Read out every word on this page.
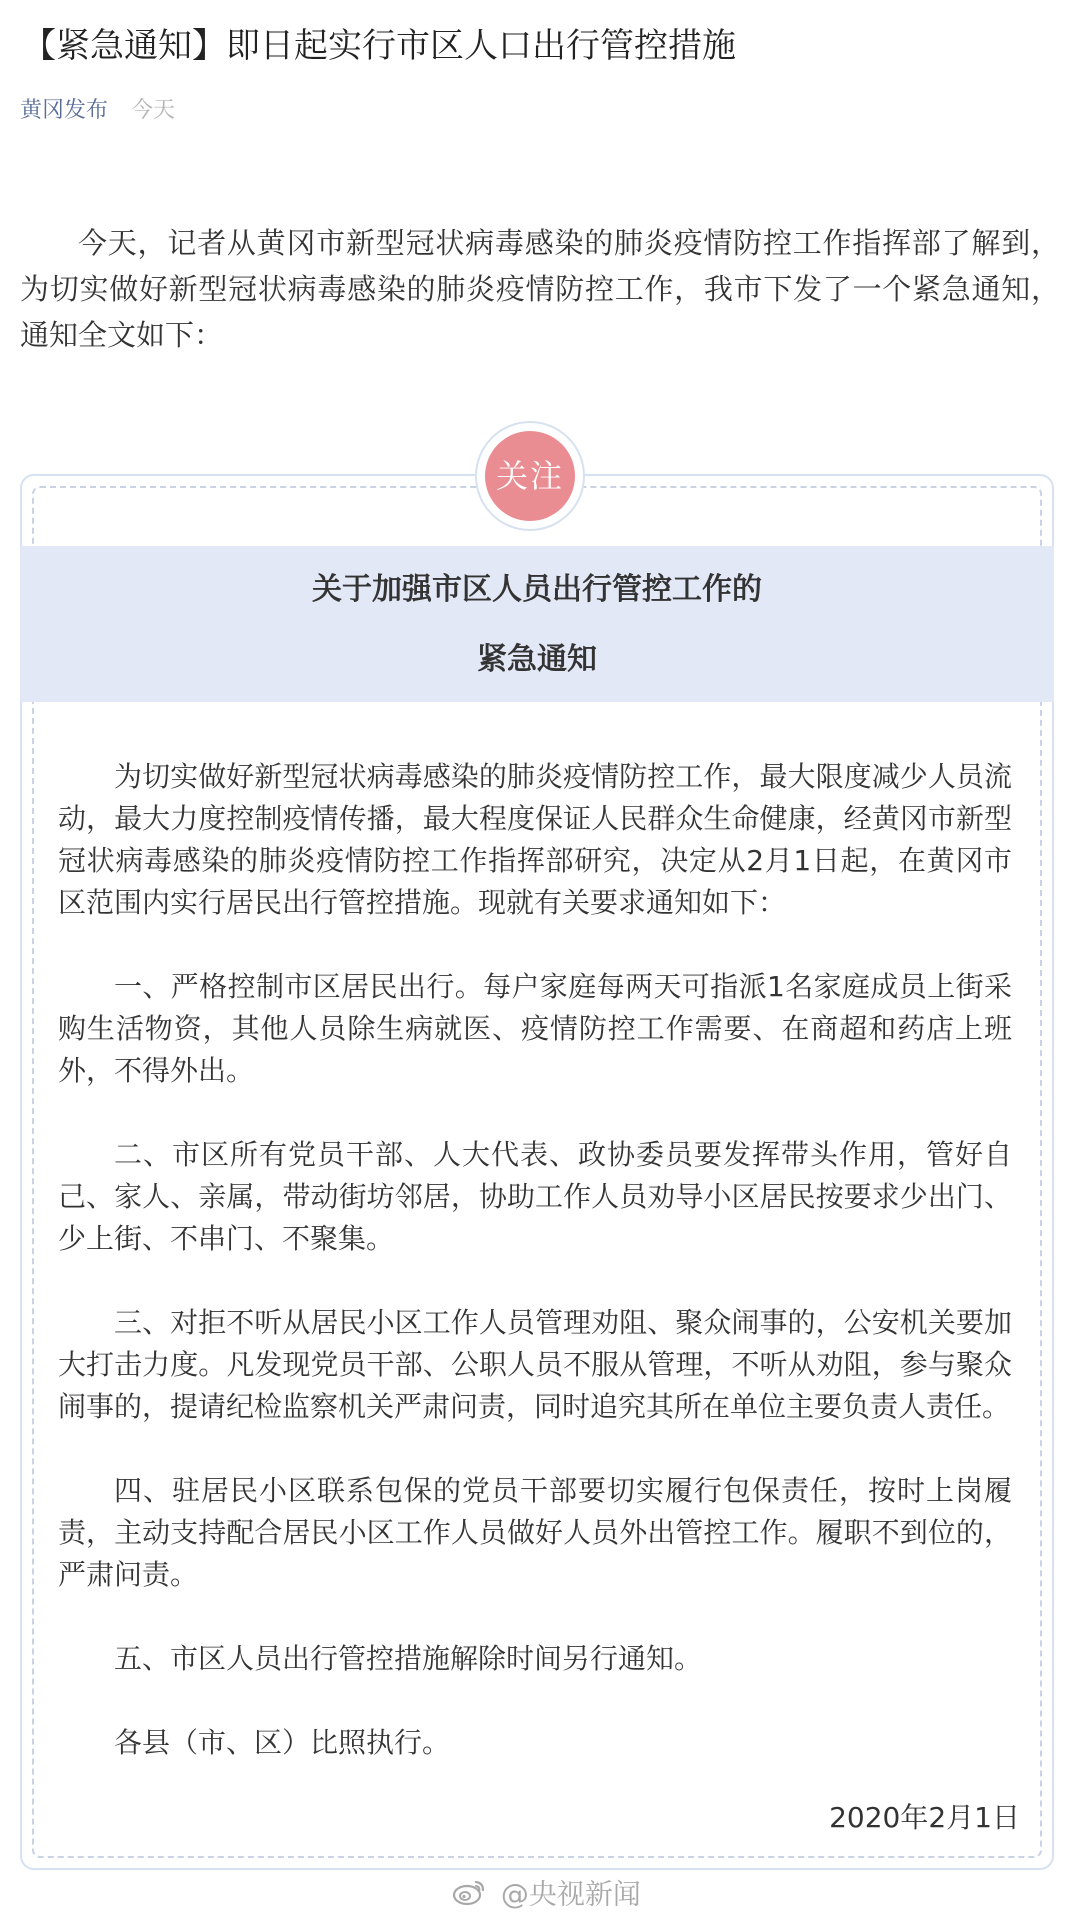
【紧急通知】即日起实行市区人口出行管控措施
黄冈发布 今天
今天，记者从黄冈市新型冠状病毒感染的肺炎疫情防控工作指挥部了解到，为切实做好新型冠状病毒感染的肺炎疫情防控工作，我市下发了一个紧急通知，通知全文如下：
关注
关于加强市区人员出行管控工作的
紧急通知

为切实做好新型冠状病毒感染的肺炎疫情防控工作，最大限度减少人员流动，最大力度控制疫情传播，最大程度保证人民群众生命健康，经黄冈市新型冠状病毒感染的肺炎疫情防控工作指挥部研究，决定从2月1日起，在黄冈市区范围内实行居民出行管控措施。现就有关要求通知如下：

一、严格控制市区居民出行。每户家庭每两天可指派1名家庭成员上街采购生活物资，其他人员除生病就医、疫情防控工作需要、在商超和药店上班外，不得外出。

二、市区所有党员干部、人大代表、政协委员要发挥带头作用，管好自己、家人、亲属，带动街坊邻居，协助工作人员劝导小区居民按要求少出门、少上街、不串门、不聚集。

三、对拒不听从居民小区工作人员管理劝阻、聚众闹事的，公安机关要加大打击力度。凡发现党员干部、公职人员不服从管理，不听从劝阻，参与聚众闹事的，提请纪检监察机关严肃问责，同时追究其所在单位主要负责人责任。

四、驻居民小区联系包保的党员干部要切实履行包保责任，按时上岗履责，主动支持配合居民小区工作人员做好人员外出管控工作。履职不到位的，严肃问责。

五、市区人员出行管控措施解除时间另行通知。

各县（市、区）比照执行。

2020年2月1日
@央视新闻
